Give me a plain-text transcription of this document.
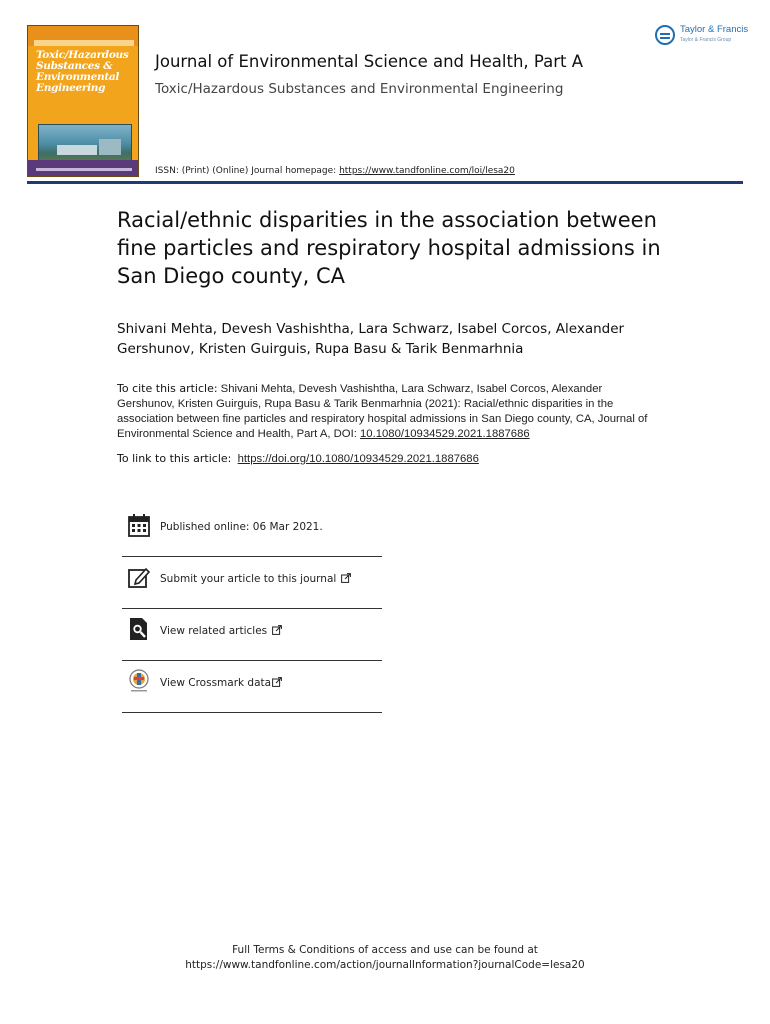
Toxic/Hazardous Substances & Environmental Engineering
Journal of Environmental Science and Health, Part A
Toxic/Hazardous Substances and Environmental Engineering
ISSN: (Print) (Online) Journal homepage: https://www.tandfonline.com/loi/lesa20
Taylor & Francis
Taylor & Francis Group
Racial/ethnic disparities in the association between fine particles and respiratory hospital admissions in San Diego county, CA
Shivani Mehta, Devesh Vashishtha, Lara Schwarz, Isabel Corcos, Alexander Gershunov, Kristen Guirguis, Rupa Basu & Tarik Benmarhnia
To cite this article: Shivani Mehta, Devesh Vashishtha, Lara Schwarz, Isabel Corcos, Alexander Gershunov, Kristen Guirguis, Rupa Basu & Tarik Benmarhnia (2021): Racial/ethnic disparities in the association between fine particles and respiratory hospital admissions in San Diego county, CA, Journal of Environmental Science and Health, Part A, DOI: 10.1080/10934529.2021.1887686
To link to this article: https://doi.org/10.1080/10934529.2021.1887686
Published online: 06 Mar 2021.
Submit your article to this journal
View related articles
View Crossmark data
Full Terms & Conditions of access and use can be found at
https://www.tandfonline.com/action/journalInformation?journalCode=lesa20
